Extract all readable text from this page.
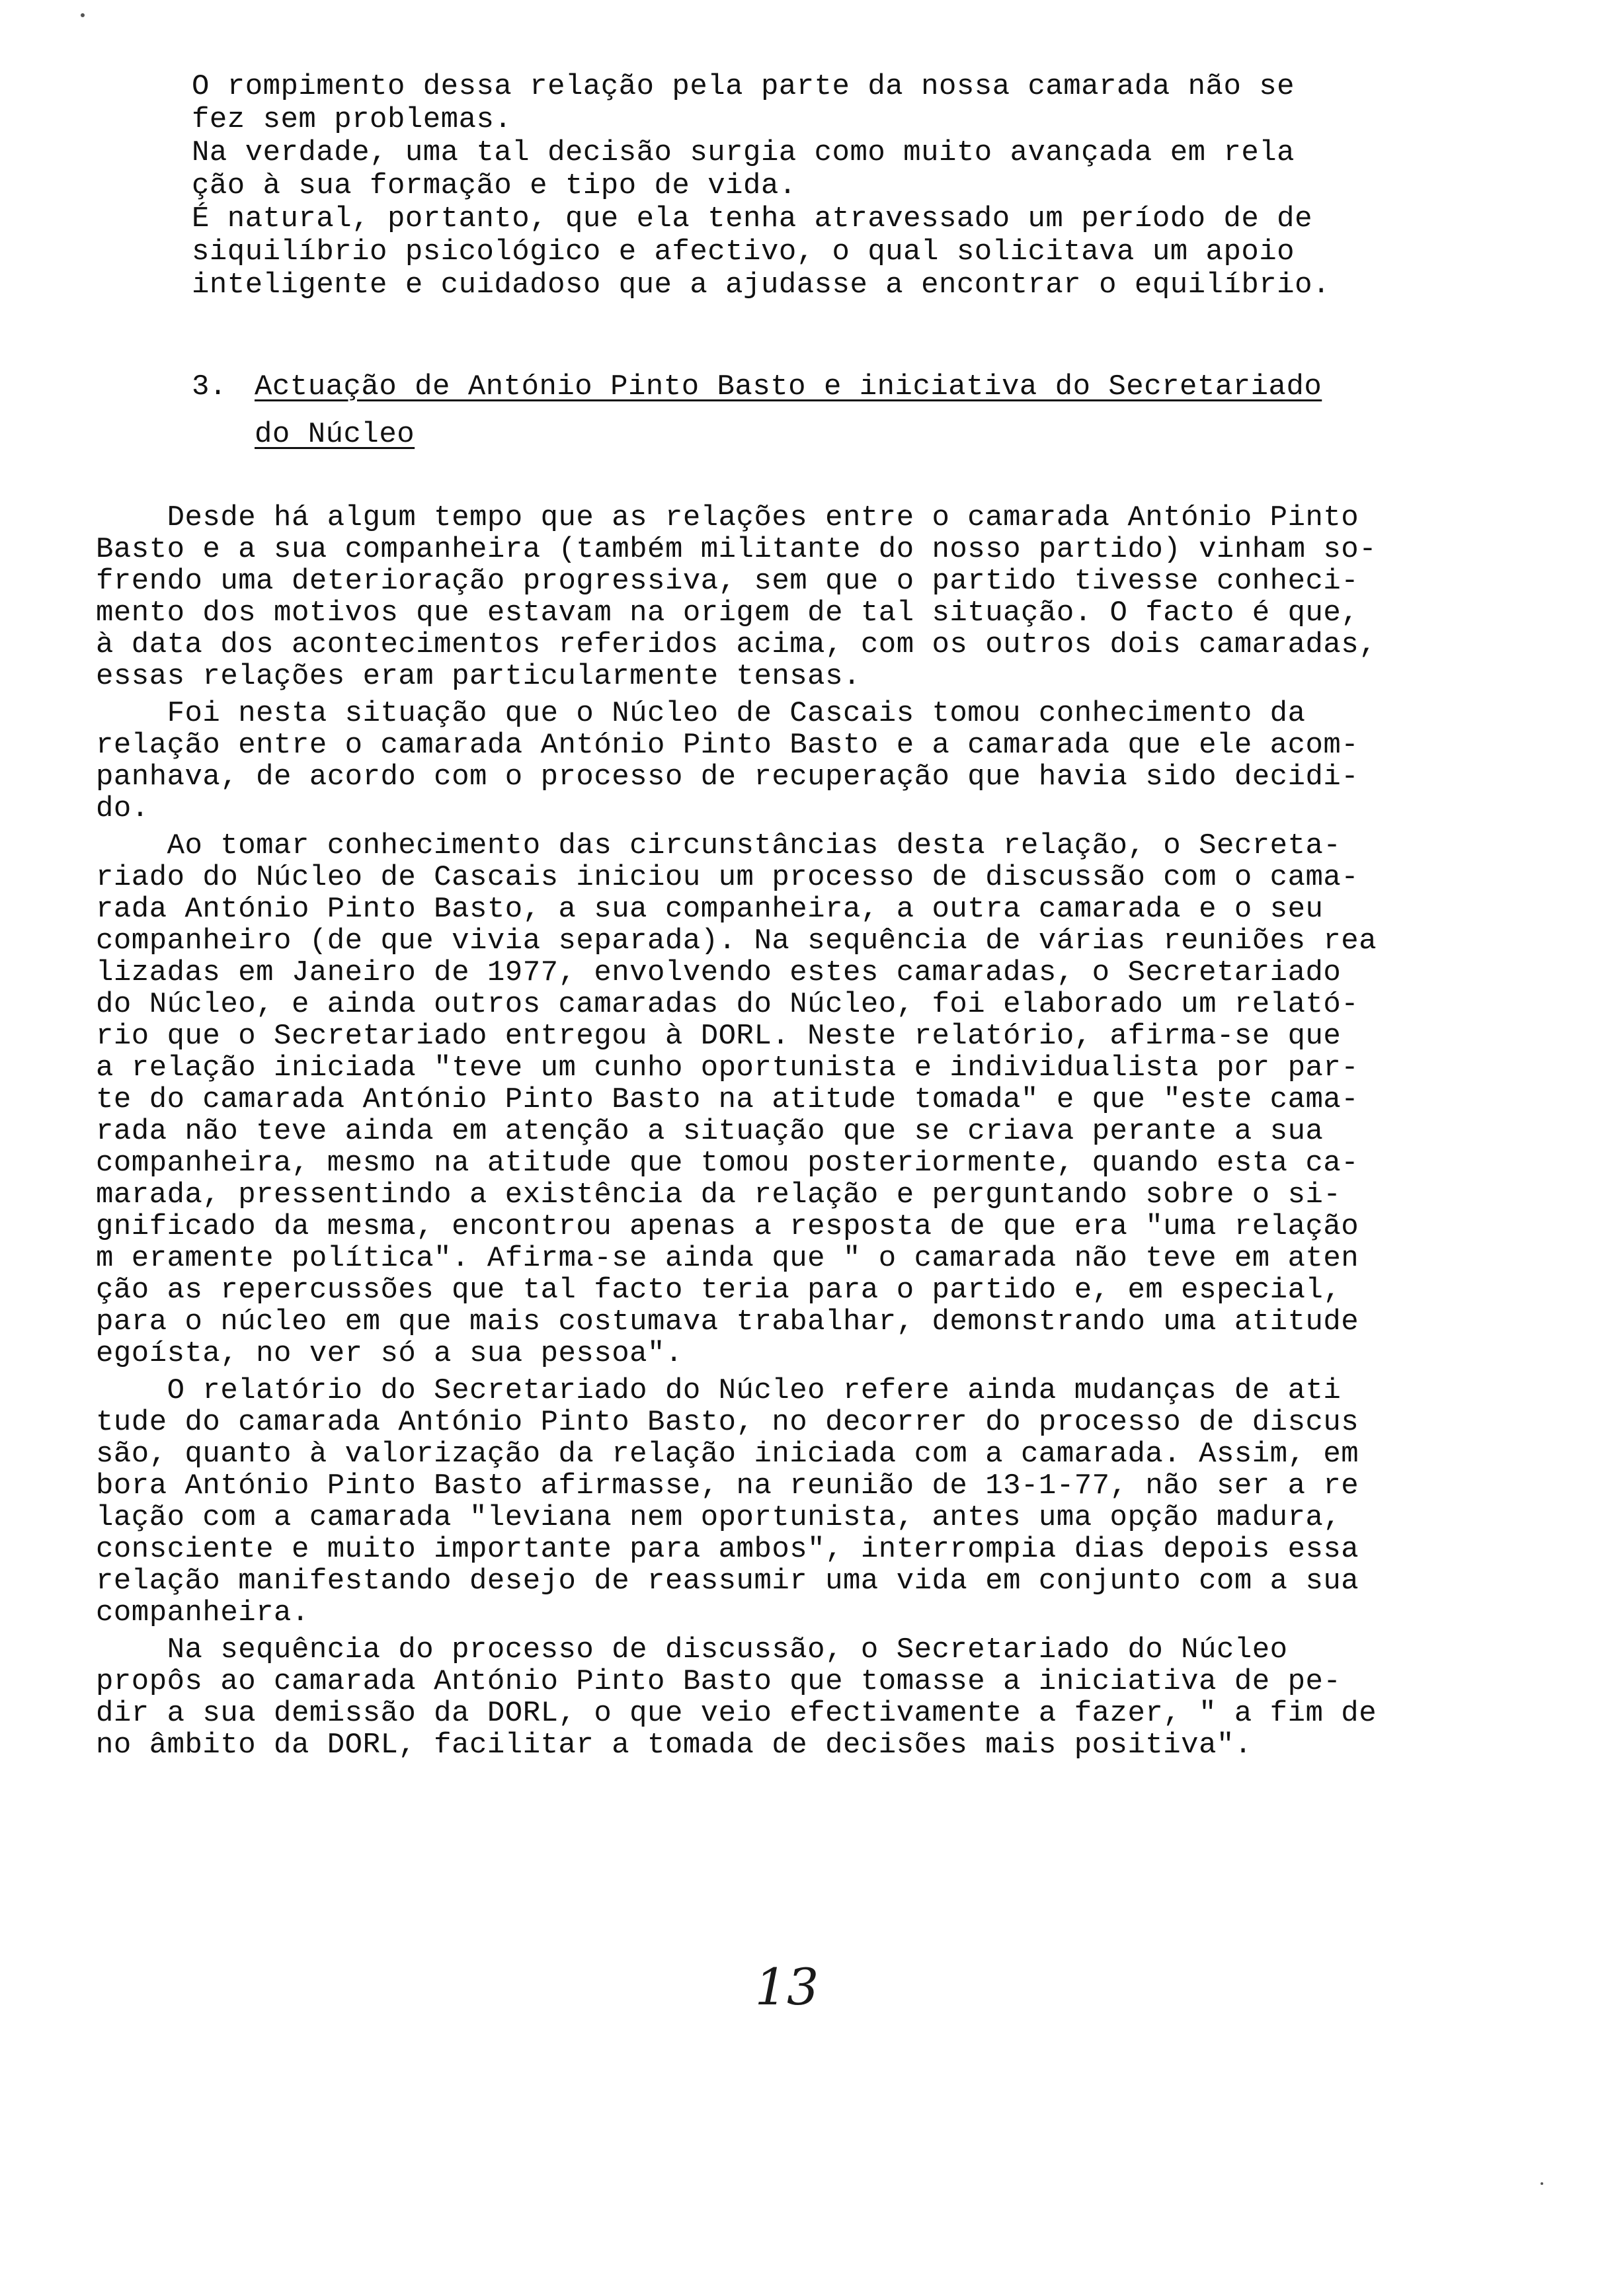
O rompimento dessa relação pela parte da nossa camarada não se
fez sem problemas.
Na verdade, uma tal decisão surgia como muito avançada em rela
ção à sua formação e tipo de vida.
É natural, portanto, que ela tenha atravessado um período de de
siquilíbrio psicológico e afectivo, o qual solicitava um apoio
inteligente e cuidadoso que a ajudasse a encontrar o equilíbrio.
3. Actuação de António Pinto Basto e iniciativa do Secretariado
do Núcleo
Desde há algum tempo que as relações entre o camarada António Pinto
Basto e a sua companheira (também militante do nosso partido) vinham so-
frendo uma deterioração progressiva, sem que o partido tivesse conheci-
mento dos motivos que estavam na origem de tal situação. O facto é que,
à data dos acontecimentos referidos acima, com os outros dois camaradas,
essas relações eram particularmente tensas.
Foi nesta situação que o Núcleo de Cascais tomou conhecimento da
relação entre o camarada António Pinto Basto e a camarada que ele acom-
panhava, de acordo com o processo de recuperação que havia sido decidi-
do.
Ao tomar conhecimento das circunstâncias desta relação, o Secreta-
riado do Núcleo de Cascais iniciou um processo de discussão com o cama-
rada António Pinto Basto, a sua companheira, a outra camarada e o seu
companheiro (de que vivia separada). Na sequência de várias reuniões rea
lizadas em Janeiro de 1977, envolvendo estes camaradas, o Secretariado
do Núcleo, e ainda outros camaradas do Núcleo, foi elaborado um relató-
rio que o Secretariado entregou à DORL. Neste relatório, afirma-se que
a relação iniciada "teve um cunho oportunista e individualista por par-
te do camarada António Pinto Basto na atitude tomada" e que "este cama-
rada não teve ainda em atenção a situação que se criava perante a sua
companheira, mesmo na atitude que tomou posteriormente, quando esta ca-
marada, pressentindo a existência da relação e perguntando sobre o si-
gnificado da mesma, encontrou apenas a resposta de que era "uma relação
m eramente política". Afirma-se ainda que " o camarada não teve em aten
ção as repercussões que tal facto teria para o partido e, em especial,
para o núcleo em que mais costumava trabalhar, demonstrando uma atitude
egoísta, no ver só a sua pessoa".
O relatório do Secretariado do Núcleo refere ainda mudanças de ati
tude do camarada António Pinto Basto, no decorrer do processo de discus
são, quanto à valorização da relação iniciada com a camarada. Assim, em
bora António Pinto Basto afirmasse, na reunião de 13-1-77, não ser a re
lação com a camarada "leviana nem oportunista, antes uma opção madura,
consciente e muito importante para ambos", interrompia dias depois essa
relação manifestando desejo de reassumir uma vida em conjunto com a sua
companheira.
Na sequência do processo de discussão, o Secretariado do Núcleo
propôs ao camarada António Pinto Basto que tomasse a iniciativa de pe-
dir a sua demissão da DORL, o que veio efectivamente a fazer, " a fim de
no âmbito da DORL, facilitar a tomada de decisões mais positiva".
13
